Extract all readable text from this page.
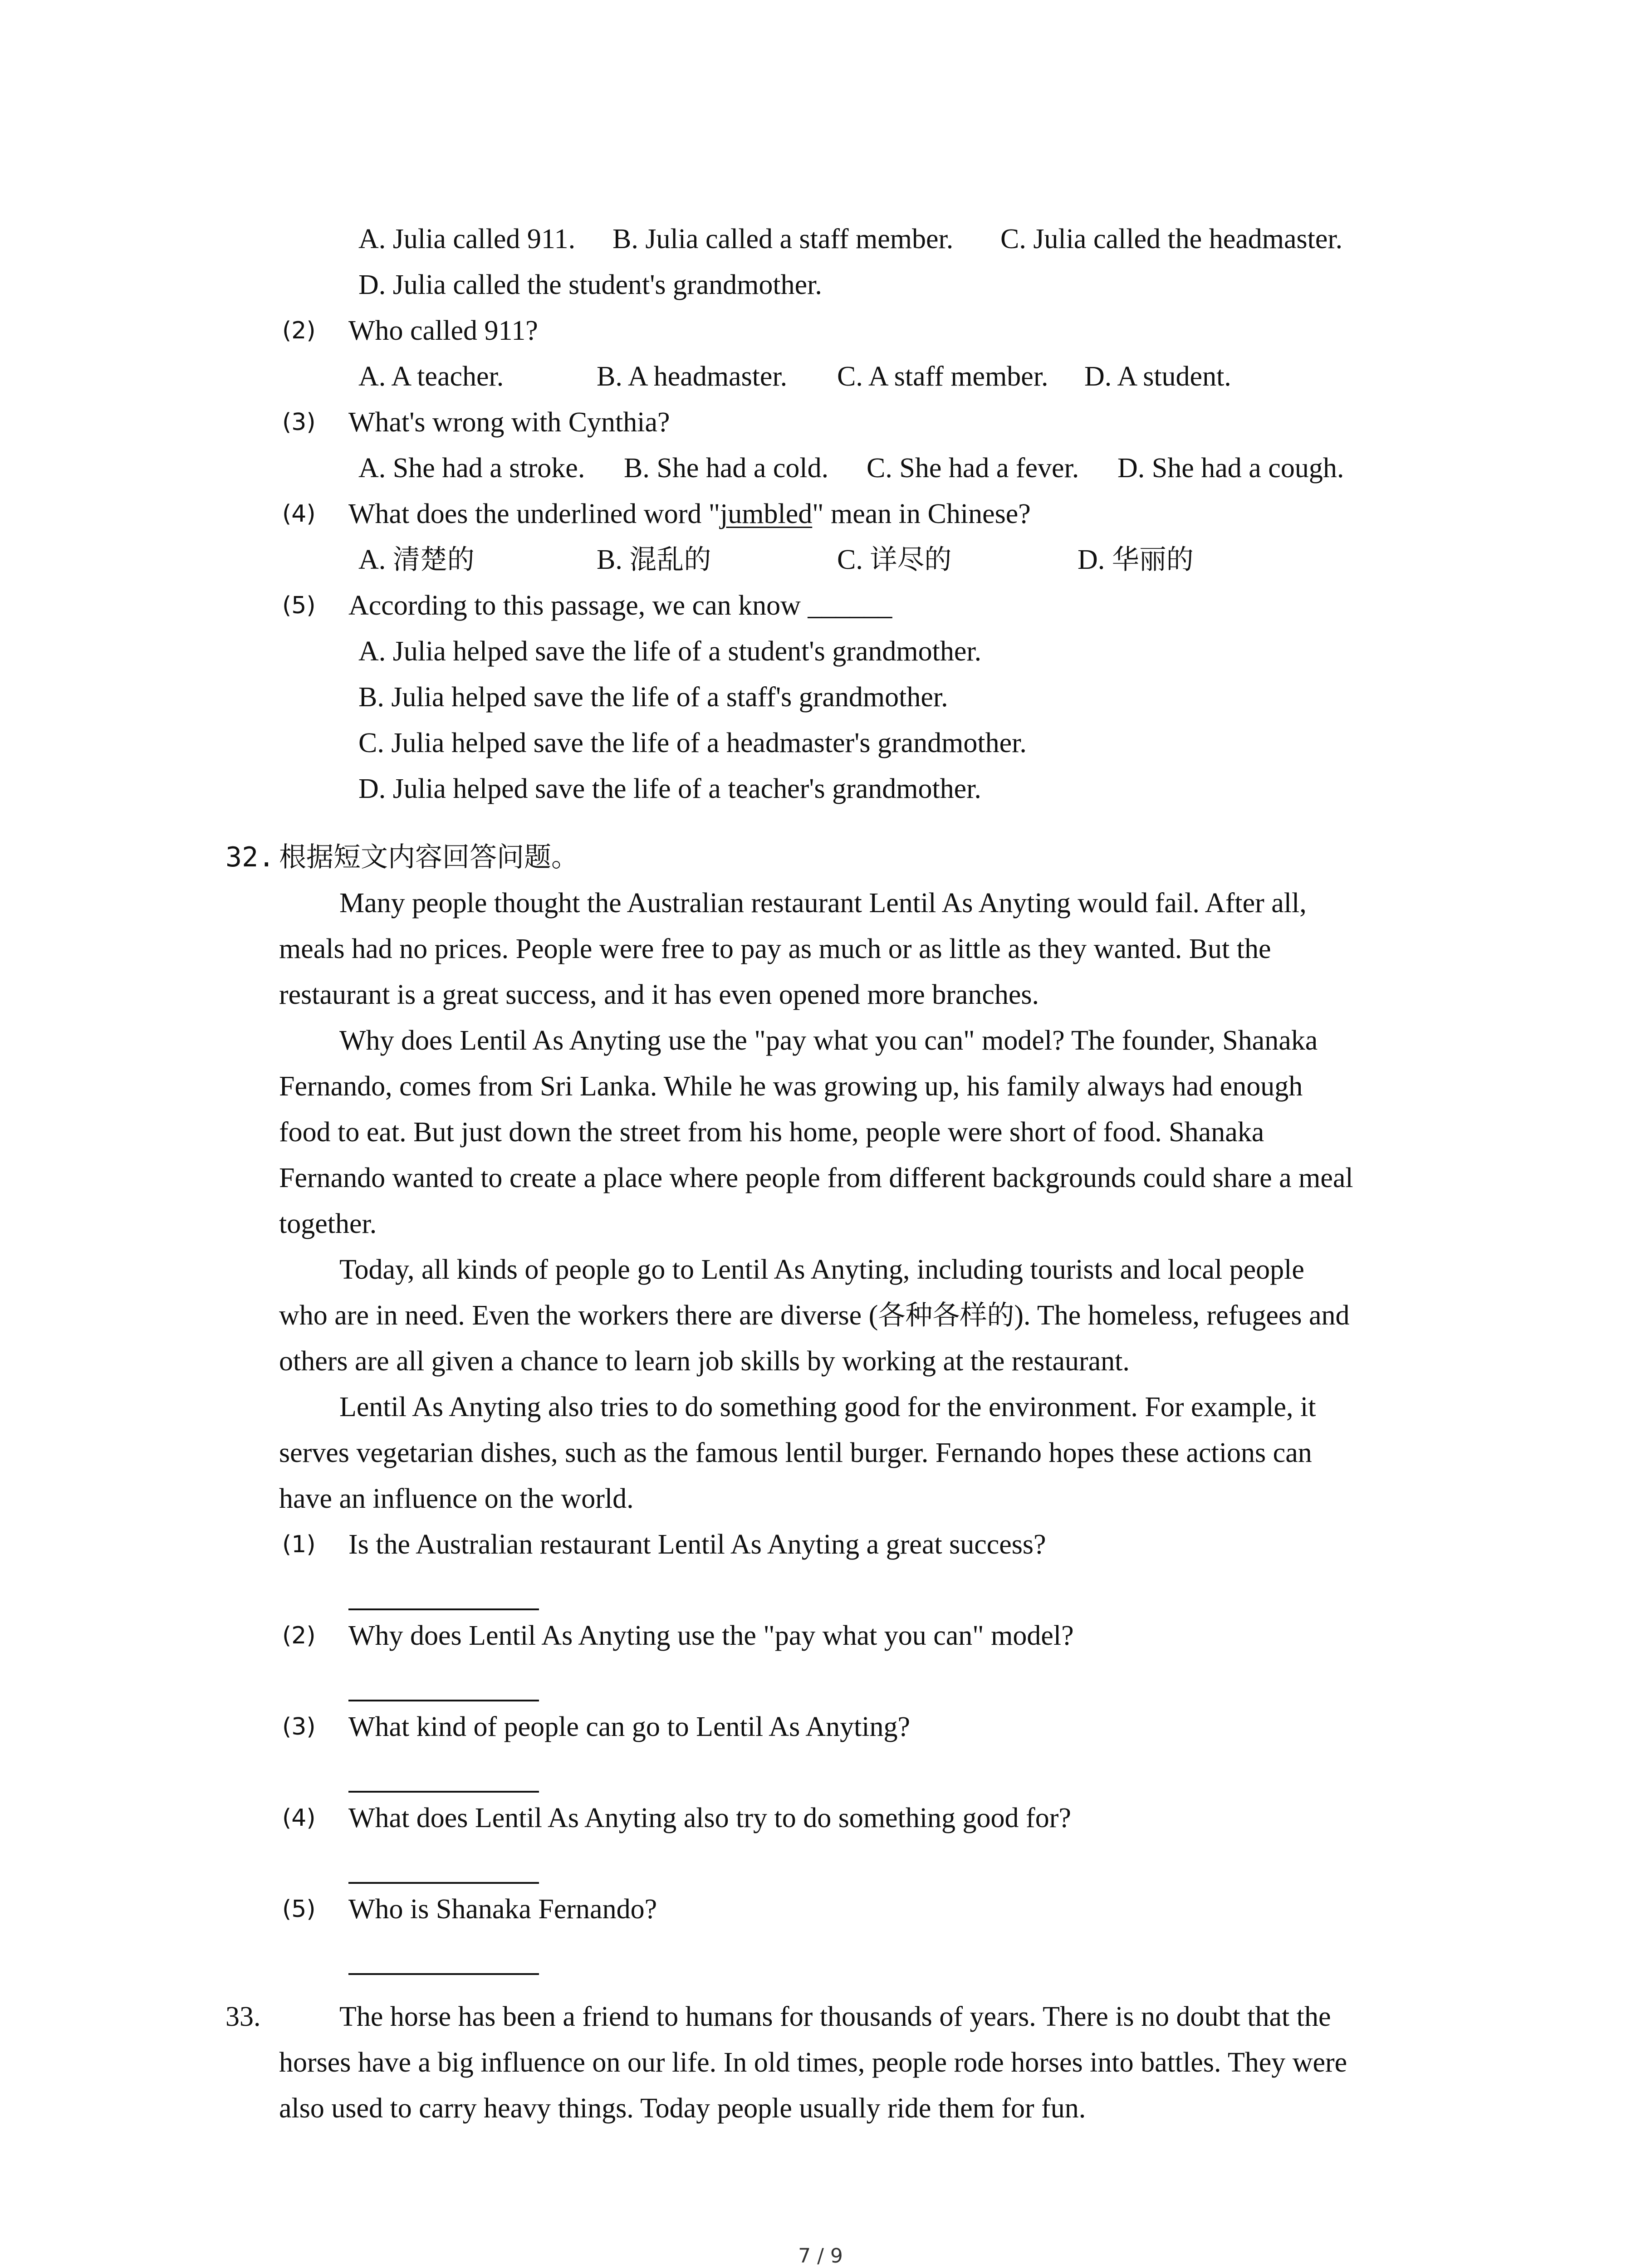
A. Julia called 911. B. Julia called a staff member. C. Julia called the headmaster.

D. Julia called the student's grandmother.

(2) Who called 911?

A. A teacher.	B. A headmaster. C. A staff member. D. A student.

(3) What's wrong with Cynthia?

A. She had a stroke. B. She had a cold. C. She had a fever. D. She had a cough.

(4) What does the underlined word "jumbled" mean in Chinese?

A. 清楚的	B. 混乱的	C. 详尽的	D. 华丽的

(5) According to this passage, we can know ______

A. Julia helped save the life of a student's grandmother.

B. Julia helped save the life of a staff's grandmother.

C. Julia helped save the life of a headmaster's grandmother.

D. Julia helped save the life of a teacher's grandmother.

32. 根据短文内容回答问题。

Many people thought the Australian restaurant Lentil As Anyting would fail. After all,

meals had no prices. People were free to pay as much or as little as they wanted. But the

restaurant is a great success, and it has even opened more branches.

Why does Lentil As Anyting use the "pay what you can" model? The founder, Shanaka

Fernando, comes from Sri Lanka. While he was growing up, his family always had enough

food to eat. But just down the street from his home, people were short of food. Shanaka

Fernando wanted to create a place where people from different backgrounds could share a meal

together.

Today, all kinds of people go to Lentil As Anyting, including tourists and local people

who are in need. Even the workers there are diverse (各种各样的). The homeless, refugees and

others are all given a chance to learn job skills by working at the restaurant.

Lentil As Anyting also tries to do something good for the environment. For example, it

serves vegetarian dishes, such as the famous lentil burger. Fernando hopes these actions can

have an influence on the world.

(1) Is the Australian restaurant Lentil As Anyting a great success?

(2) Why does Lentil As Anyting use the "pay what you can" model?

(3) What kind of people can go to Lentil As Anyting?

(4) What does Lentil As Anyting also try to do something good for?

(5) Who is Shanaka Fernando?

33.	The horse has been a friend to humans for thousands of years. There is no doubt that the

horses have a big influence on our life. In old times, people rode horses into battles. They were

also used to carry heavy things. Today people usually ride them for fun.

7 / 9
